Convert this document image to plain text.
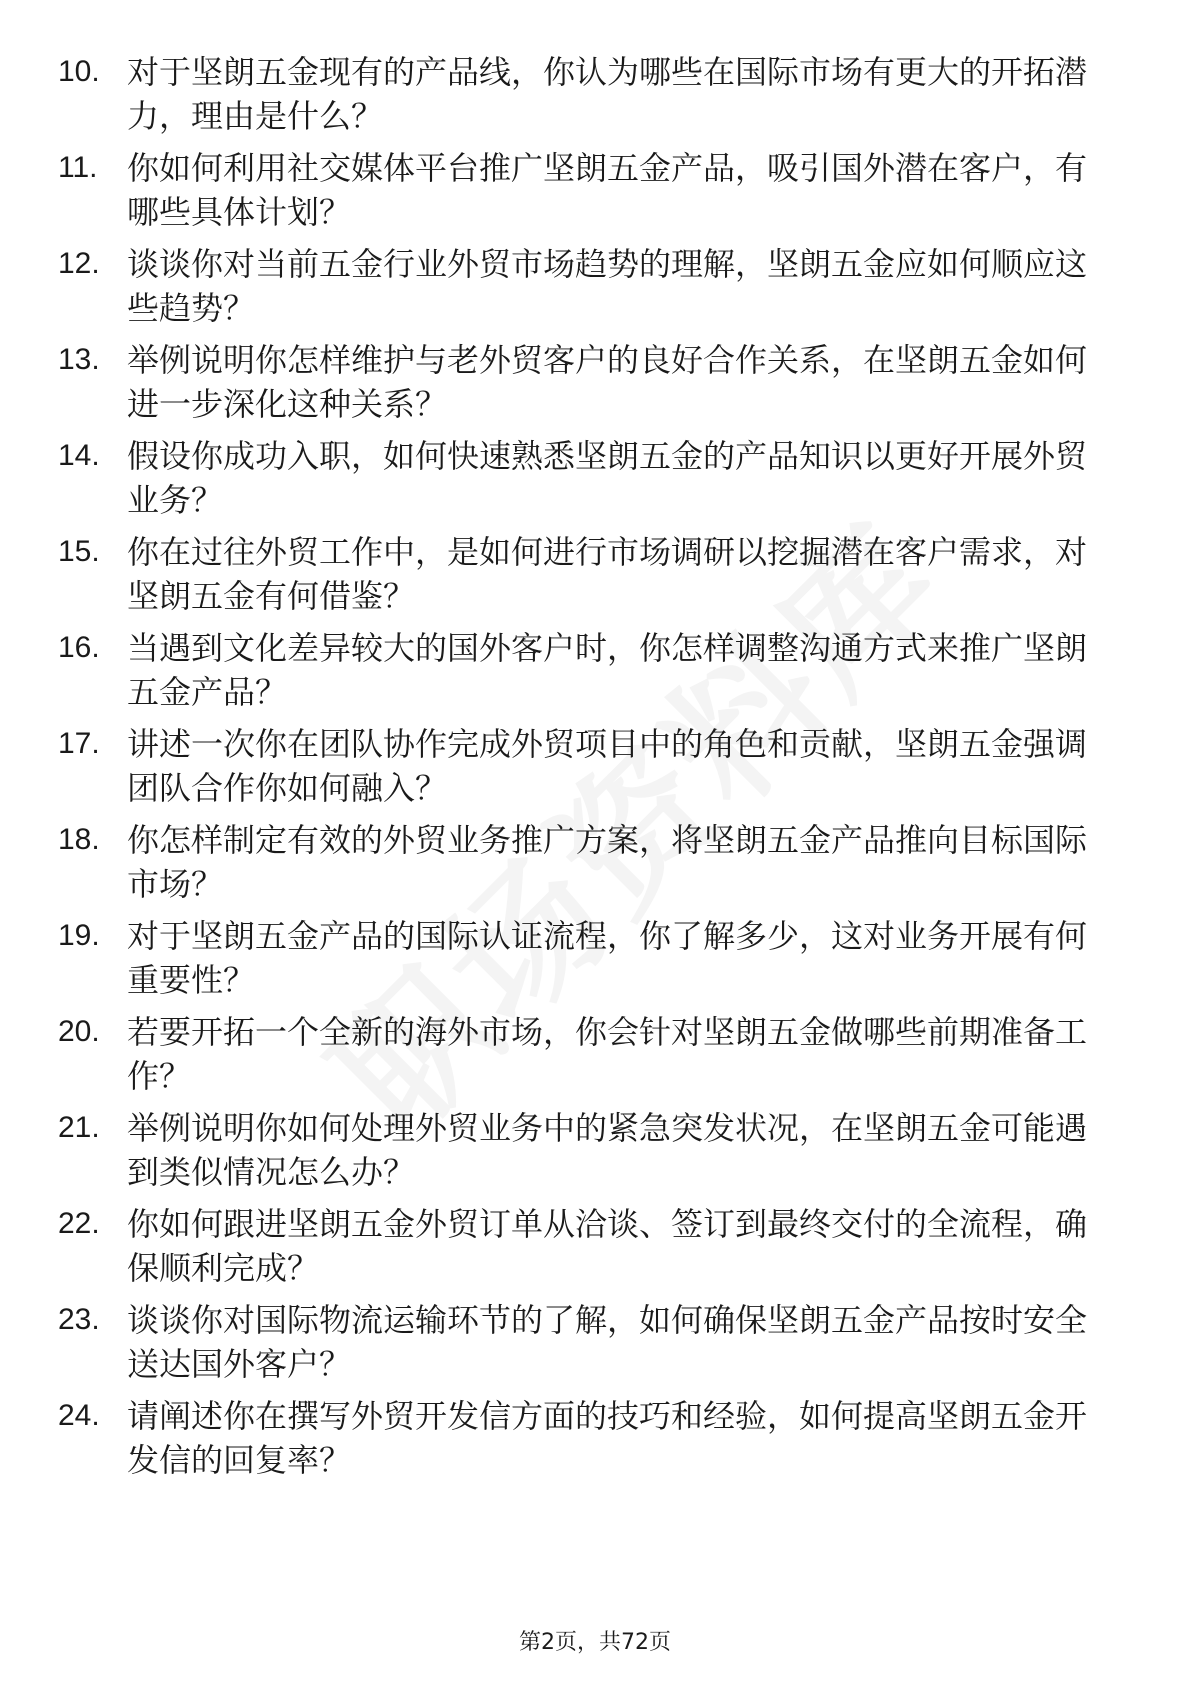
10. 对于坚朗五金现有的产品线，你认为哪些在国际市场有更大的开拓潜力，理由是什么？
11. 你如何利用社交媒体平台推广坚朗五金产品，吸引国外潜在客户，有哪些具体计划？
12. 谈谈你对当前五金行业外贸市场趋势的理解，坚朗五金应如何顺应这些趋势？
13. 举例说明你怎样维护与老外贸客户的良好合作关系，在坚朗五金如何进一步深化这种关系？
14. 假设你成功入职，如何快速熟悉坚朗五金的产品知识以更好开展外贸业务？
15. 你在过往外贸工作中，是如何进行市场调研以挖掘潜在客户需求，对坚朗五金有何借鉴？
16. 当遇到文化差异较大的国外客户时，你怎样调整沟通方式来推广坚朗五金产品？
17. 讲述一次你在团队协作完成外贸项目中的角色和贡献，坚朗五金强调团队合作你如何融入？
18. 你怎样制定有效的外贸业务推广方案，将坚朗五金产品推向目标国际市场？
19. 对于坚朗五金产品的国际认证流程，你了解多少，这对业务开展有何重要性？
20. 若要开拓一个全新的海外市场，你会针对坚朗五金做哪些前期准备工作？
21. 举例说明你如何处理外贸业务中的紧急突发状况，在坚朗五金可能遇到类似情况怎么办？
22. 你如何跟进坚朗五金外贸订单从洽谈、签订到最终交付的全流程，确保顺利完成？
23. 谈谈你对国际物流运输环节的了解，如何确保坚朗五金产品按时安全送达国外客户？
24. 请阐述你在撰写外贸开发信方面的技巧和经验，如何提高坚朗五金开发信的回复率？
第2页，共72页
